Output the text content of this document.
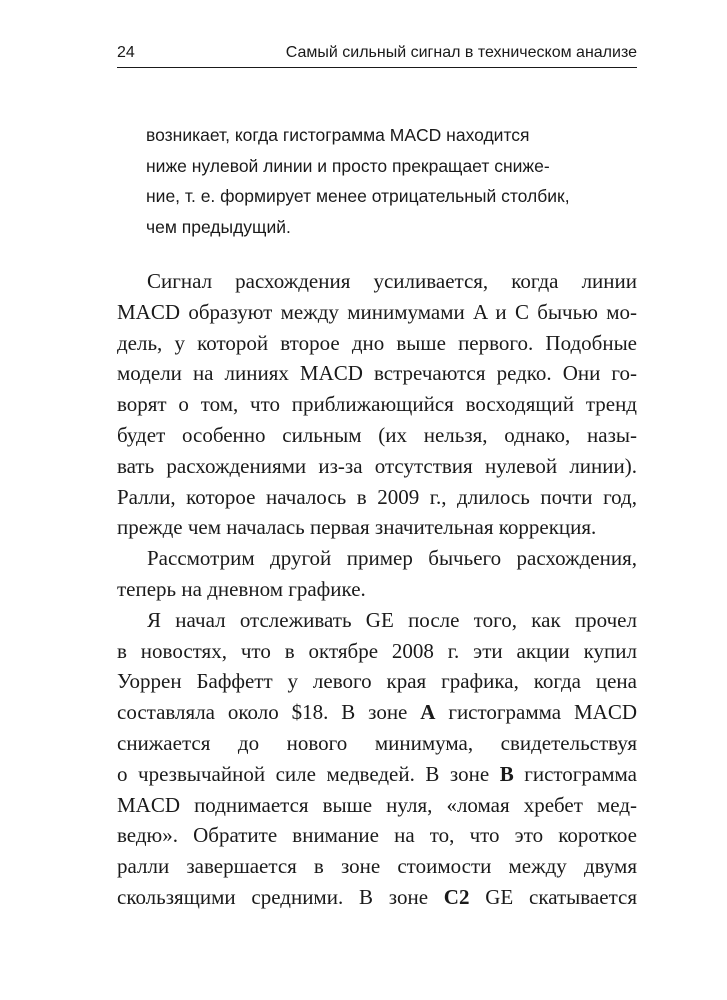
24	Самый сильный сигнал в техническом анализе
возникает, когда гистограмма MACD находится
ниже нулевой линии и просто прекращает сниже-
ние, т. е. формирует менее отрицательный столбик,
чем предыдущий.
Сигнал расхождения усиливается, когда линии
MACD образуют между минимумами A и C бычью мо-
дель, у которой второе дно выше первого. Подобные
модели на линиях MACD встречаются редко. Они го-
ворят о том, что приближающийся восходящий тренд
будет особенно сильным (их нельзя, однако, назы-
вать расхождениями из-за отсутствия нулевой линии).
Ралли, которое началось в 2009 г., длилось почти год,
прежде чем началась первая значительная коррекция.
Рассмотрим другой пример бычьего расхождения,
теперь на дневном графике.
Я начал отслеживать GE после того, как прочел
в новостях, что в октябре 2008 г. эти акции купил
Уоррен Баффетт у левого края графика, когда цена
составляла около $18. В зоне A гистограмма MACD
снижается до нового минимума, свидетельствуя
о чрезвычайной силе медведей. В зоне B гистограмма
MACD поднимается выше нуля, «ломая хребет мед-
ведю». Обратите внимание на то, что это короткое
ралли завершается в зоне стоимости между двумя
скользящими средними. В зоне C2 GE скатывается
